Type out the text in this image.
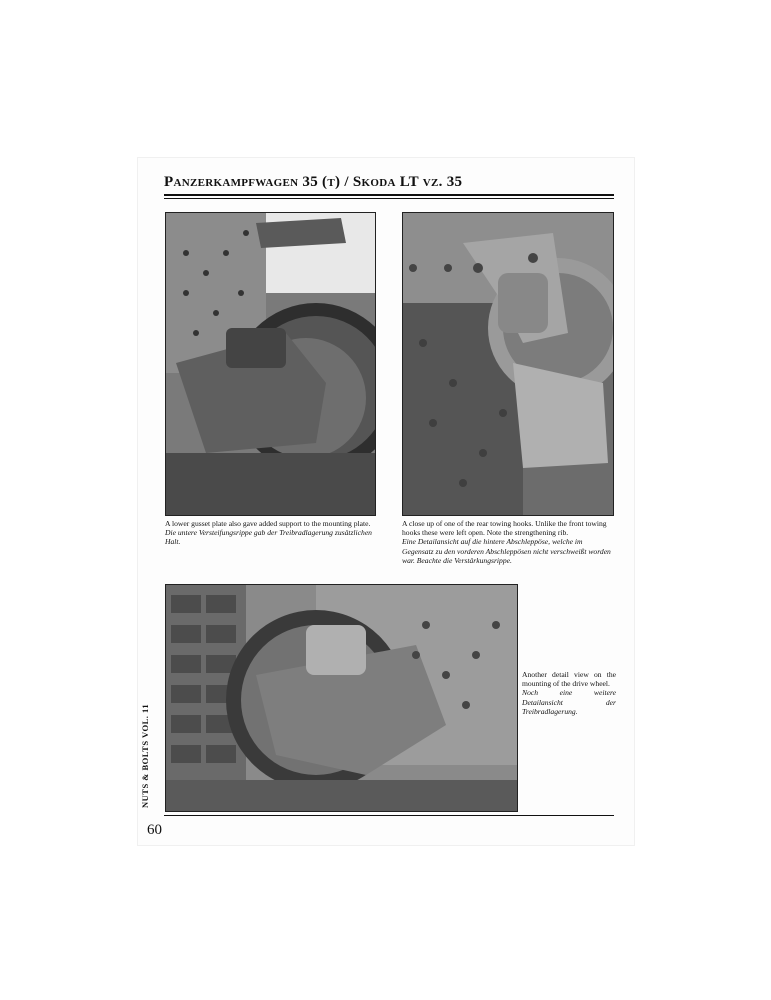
Panzerkampfwagen 35 (t) / Skoda LT vz. 35
A lower gusset plate also gave added support to the mounting plate.
Die untere Versteifungsrippe gab der Treibradlagerung zusätzlichen Halt.
A close up of one of the rear towing hooks. Unlike the front towing hooks these were left open. Note the strengthening rib.
Eine Detailansicht auf die hintere Abschleppöse, welche im Gegensatz zu den vorderen Abschleppösen nicht verschweißt worden war. Beachte die Verstärkungsrippe.
Another detail view on the mounting of the drive wheel.
Noch eine weitere Detailansicht der Treibradlagerung.
NUTS & BOLTS VOL. 11
60
